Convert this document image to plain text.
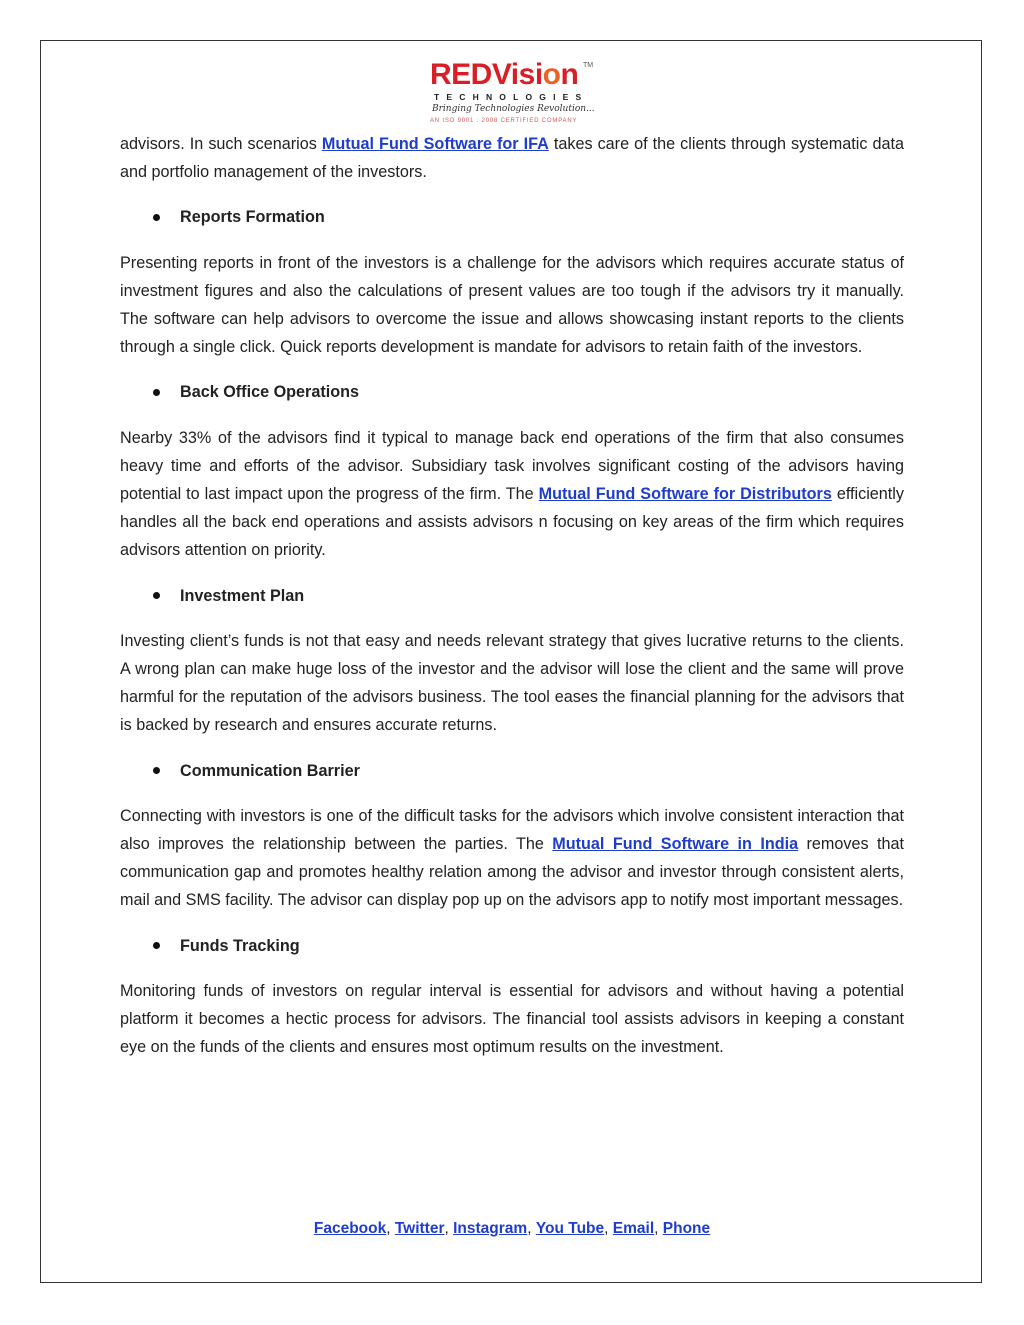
REDVision TM
TECHNOLOGIES
Bringing Technologies Revolution...
AN ISO 9001 : 2008 CERTIFIED COMPANY

advisors. In such scenarios Mutual Fund Software for IFA takes care of the clients through systematic data and portfolio management of the investors.

Reports Formation

Presenting reports in front of the investors is a challenge for the advisors which requires accurate status of investment figures and also the calculations of present values are too tough if the advisors try it manually. The software can help advisors to overcome the issue and allows showcasing instant reports to the clients through a single click. Quick reports development is mandate for advisors to retain faith of the investors.

Back Office Operations

Nearby 33% of the advisors find it typical to manage back end operations of the firm that also consumes heavy time and efforts of the advisor. Subsidiary task involves significant costing of the advisors having potential to last impact upon the progress of the firm. The Mutual Fund Software for Distributors efficiently handles all the back end operations and assists advisors n focusing on key areas of the firm which requires advisors attention on priority.

Investment Plan

Investing client’s funds is not that easy and needs relevant strategy that gives lucrative returns to the clients. A wrong plan can make huge loss of the investor and the advisor will lose the client and the same will prove harmful for the reputation of the advisors business. The tool eases the financial planning for the advisors that is backed by research and ensures accurate returns.

Communication Barrier

Connecting with investors is one of the difficult tasks for the advisors which involve consistent interaction that also improves the relationship between the parties. The Mutual Fund Software in India removes that communication gap and promotes healthy relation among the advisor and investor through consistent alerts, mail and SMS facility. The advisor can display pop up on the advisors app to notify most important messages.

Funds Tracking

Monitoring funds of investors on regular interval is essential for advisors and without having a potential platform it becomes a hectic process for advisors. The financial tool assists advisors in keeping a constant eye on the funds of the clients and ensures most optimum results on the investment.

Facebook, Twitter, Instagram, You Tube, Email, Phone
